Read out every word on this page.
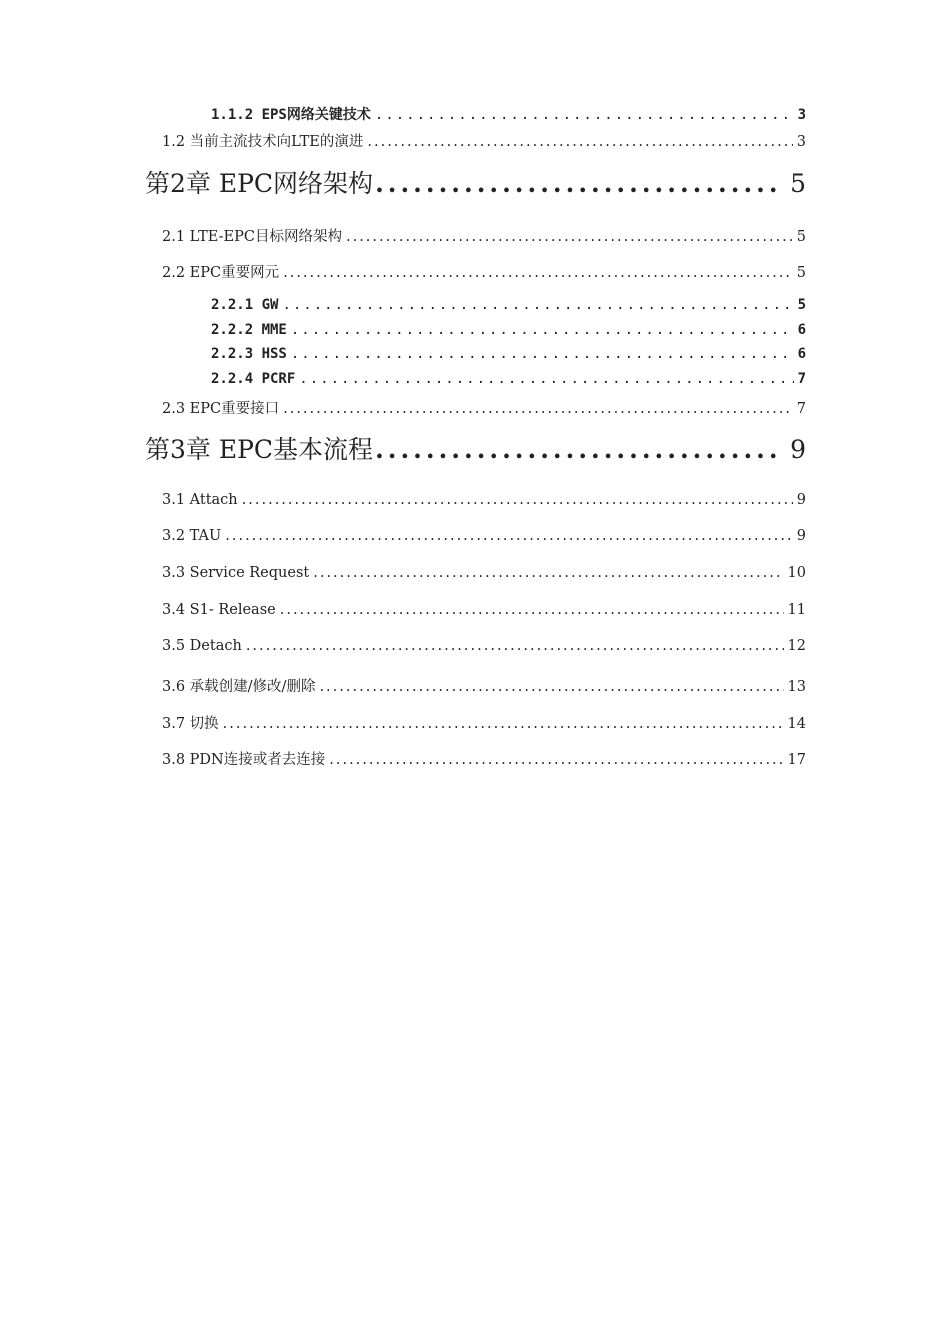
1.1.2 EPS网络关键技术 .....	3
1.2 当前主流技术向LTE的演进 .....	3
第2章 EPC网络架构 .....	5
2.1 LTE-EPC目标网络架构 .....	5
2.2 EPC重要网元 .....	5
2.2.1 GW .....	5
2.2.2 MME .....	6
2.2.3 HSS .....	6
2.2.4 PCRF .....	7
2.3 EPC重要接口 .....	7
第3章 EPC基本流程 .....	9
3.1 Attach .....	9
3.2 TAU .....	9
3.3 Service Request .....	10
3.4 S1- Release .....	11
3.5 Detach .....	12
3.6 承载创建/修改/删除 .....	13
3.7 切换 .....	14
3.8 PDN连接或者去连接 .....	17
